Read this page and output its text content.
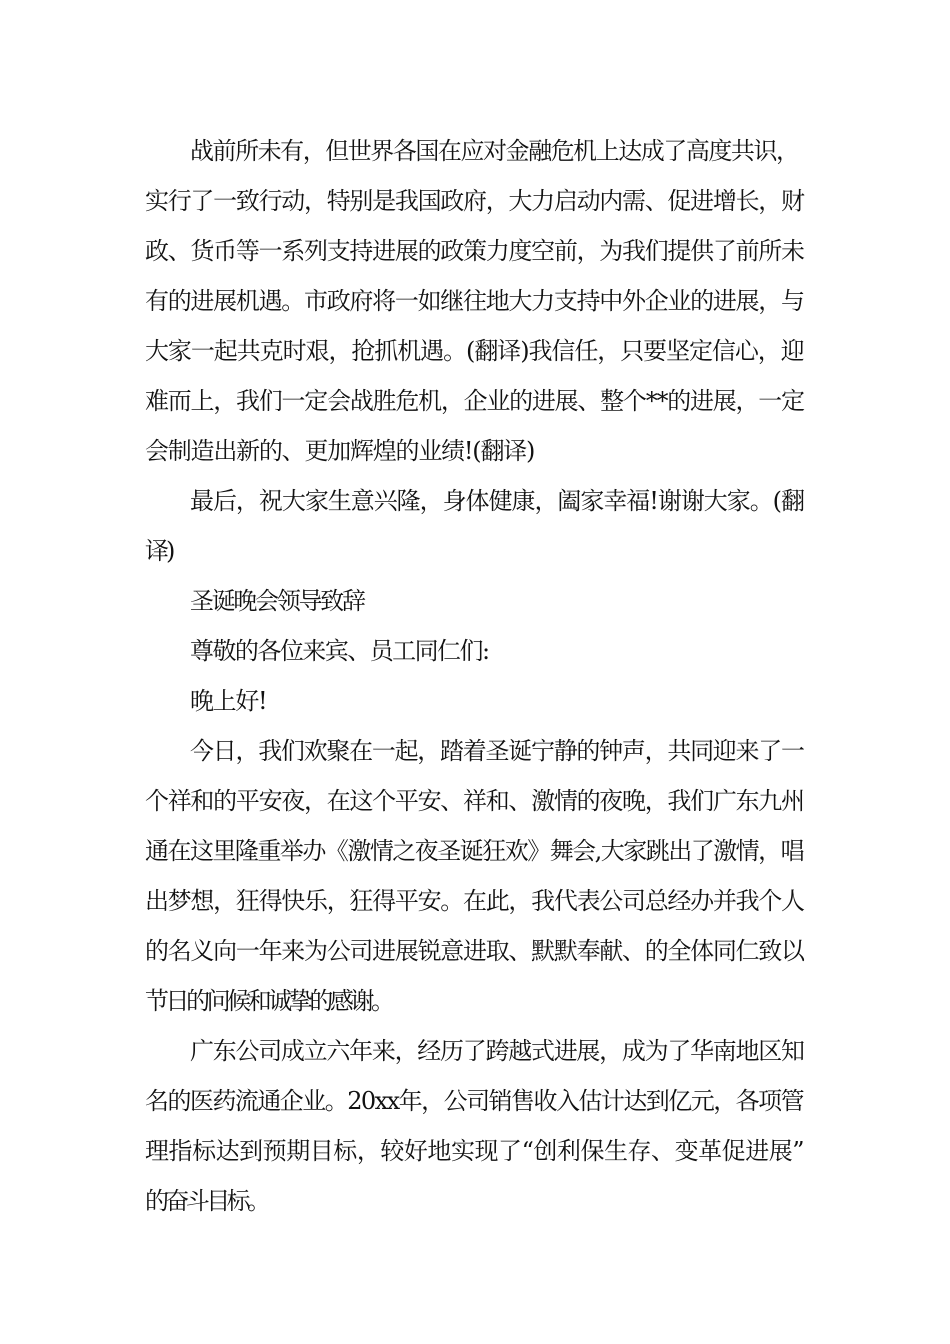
战前所未有，但世界各国在应对金融危机上达成了高度共识，
实行了一致行动，特别是我国政府，大力启动内需、促进增长，财
政、货币等一系列支持进展的政策力度空前，为我们提供了前所未
有的进展机遇。市政府将一如继往地大力支持中外企业的进展，与
大家一起共克时艰，抢抓机遇。(翻译)我信任，只要坚定信心，迎
难而上，我们一定会战胜危机，企业的进展、整个**的进展，一定
会制造出新的、更加辉煌的业绩!(翻译)
最后，祝大家生意兴隆，身体健康，阖家幸福!谢谢大家。(翻
译)
圣诞晚会领导致辞
尊敬的各位来宾、员工同仁们:
晚上好!
今日，我们欢聚在一起，踏着圣诞宁静的钟声，共同迎来了一
个祥和的平安夜，在这个平安、祥和、激情的夜晚，我们广东九州
通在这里隆重举办《激情之夜圣诞狂欢》舞会,大家跳出了激情，唱
出梦想，狂得快乐，狂得平安。在此，我代表公司总经办并我个人
的名义向一年来为公司进展锐意进取、默默奉献、的全体同仁致以
节日的问候和诚挚的感谢。
广东公司成立六年来，经历了跨越式进展，成为了华南地区知
名的医药流通企业。20xx年，公司销售收入估计达到亿元，各项管
理指标达到预期目标，较好地实现了“创利保生存、变革促进展”
的奋斗目标。
